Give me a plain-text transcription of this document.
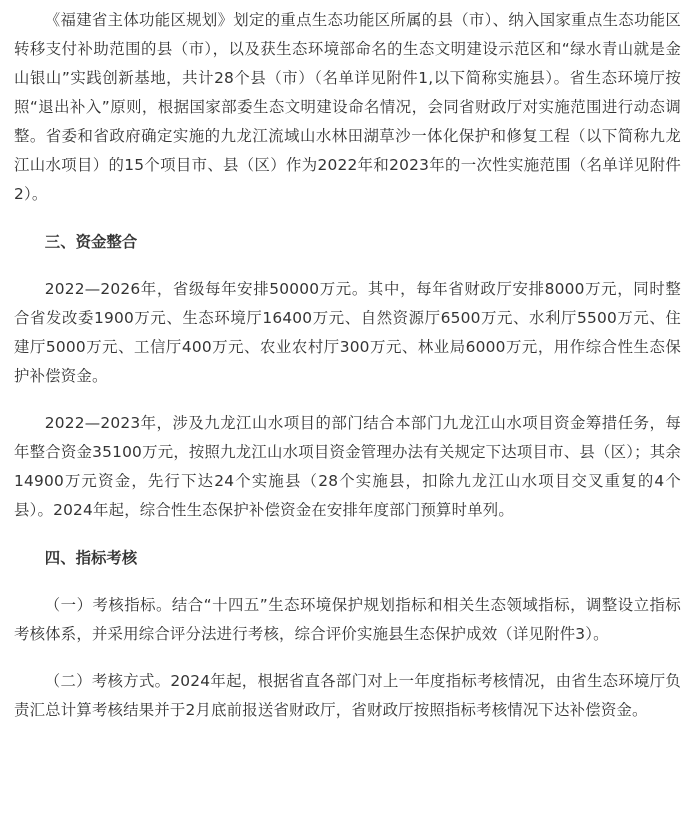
《福建省主体功能区规划》划定的重点生态功能区所属的县（市）、纳入国家重点生态功能区转移支付补助范围的县（市），以及获生态环境部命名的生态文明建设示范区和“绿水青山就是金山银山”实践创新基地，共计28个县（市）（名单详见附件1,以下简称实施县）。省生态环境厅按照“退出补入”原则，根据国家部委生态文明建设命名情况，会同省财政厅对实施范围进行动态调整。省委和省政府确定实施的九龙江流域山水林田湖草沙一体化保护和修复工程（以下简称九龙江山水项目）的15个项目市、县（区）作为2022年和2023年的一次性实施范围（名单详见附件2）。

三、资金整合

2022—2026年，省级每年安排50000万元。其中，每年省财政厅安排8000万元，同时整合省发改委1900万元、生态环境厅16400万元、自然资源厅6500万元、水利厅5500万元、住建厅5000万元、工信厅400万元、农业农村厅300万元、林业局6000万元，用作综合性生态保护补偿资金。

2022—2023年，涉及九龙江山水项目的部门结合本部门九龙江山水项目资金筹措任务，每年整合资金35100万元，按照九龙江山水项目资金管理办法有关规定下达项目市、县（区）；其余14900万元资金，先行下达24个实施县（28个实施县，扣除九龙江山水项目交叉重复的4个县）。2024年起，综合性生态保护补偿资金在安排年度部门预算时单列。

四、指标考核

（一）考核指标。结合“十四五”生态环境保护规划指标和相关生态领域指标，调整设立指标考核体系，并采用综合评分法进行考核，综合评价实施县生态保护成效（详见附件3）。

（二）考核方式。2024年起，根据省直各部门对上一年度指标考核情况，由省生态环境厅负责汇总计算考核结果并于2月底前报送省财政厅，省财政厅按照指标考核情况下达补偿资金。
